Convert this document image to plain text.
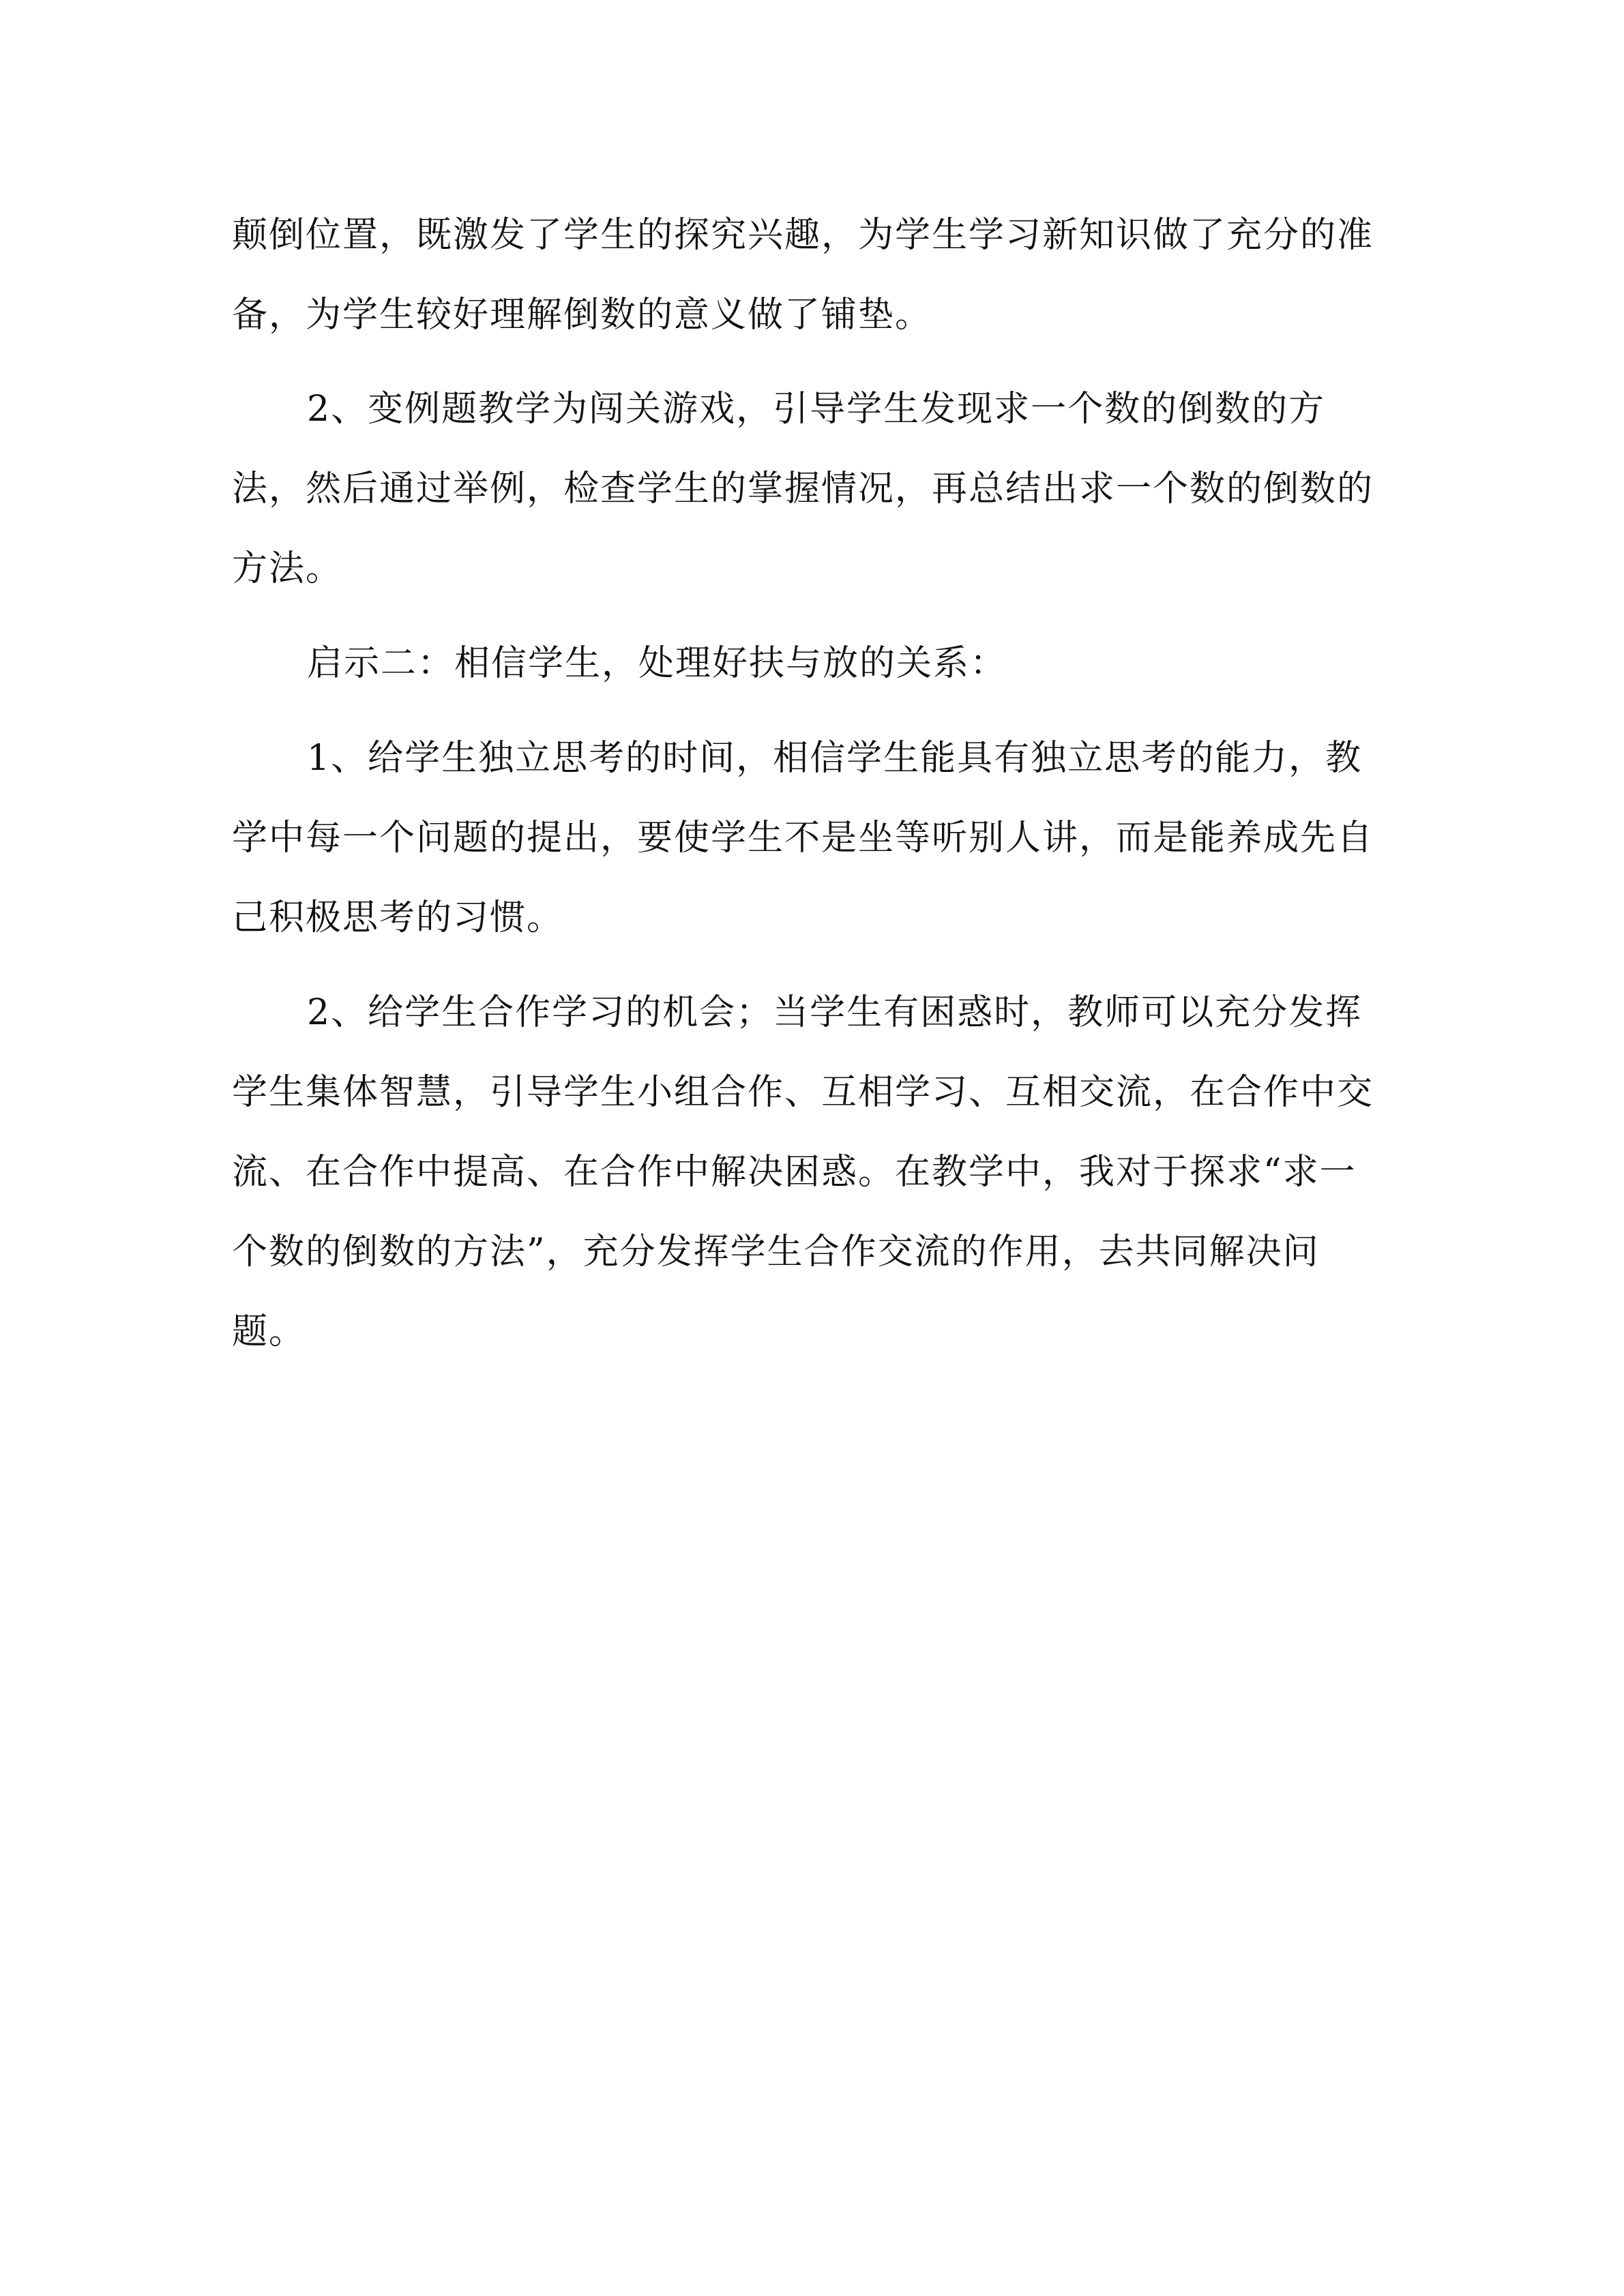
颠倒位置，既激发了学生的探究兴趣，为学生学习新知识做了充分的准
备，为学生较好理解倒数的意义做了铺垫。
2、变例题教学为闯关游戏，引导学生发现求一个数的倒数的方
法，然后通过举例，检查学生的掌握情况，再总结出求一个数的倒数的
方法。
启示二：相信学生，处理好扶与放的关系：
1、给学生独立思考的时间，相信学生能具有独立思考的能力，教
学中每一个问题的提出，要使学生不是坐等听别人讲，而是能养成先自
己积极思考的习惯。
2、给学生合作学习的机会；当学生有困惑时，教师可以充分发挥
学生集体智慧，引导学生小组合作、互相学习、互相交流，在合作中交
流、在合作中提高、在合作中解决困惑。在教学中，我对于探求“求一
个数的倒数的方法”，充分发挥学生合作交流的作用，去共同解决问
题。
